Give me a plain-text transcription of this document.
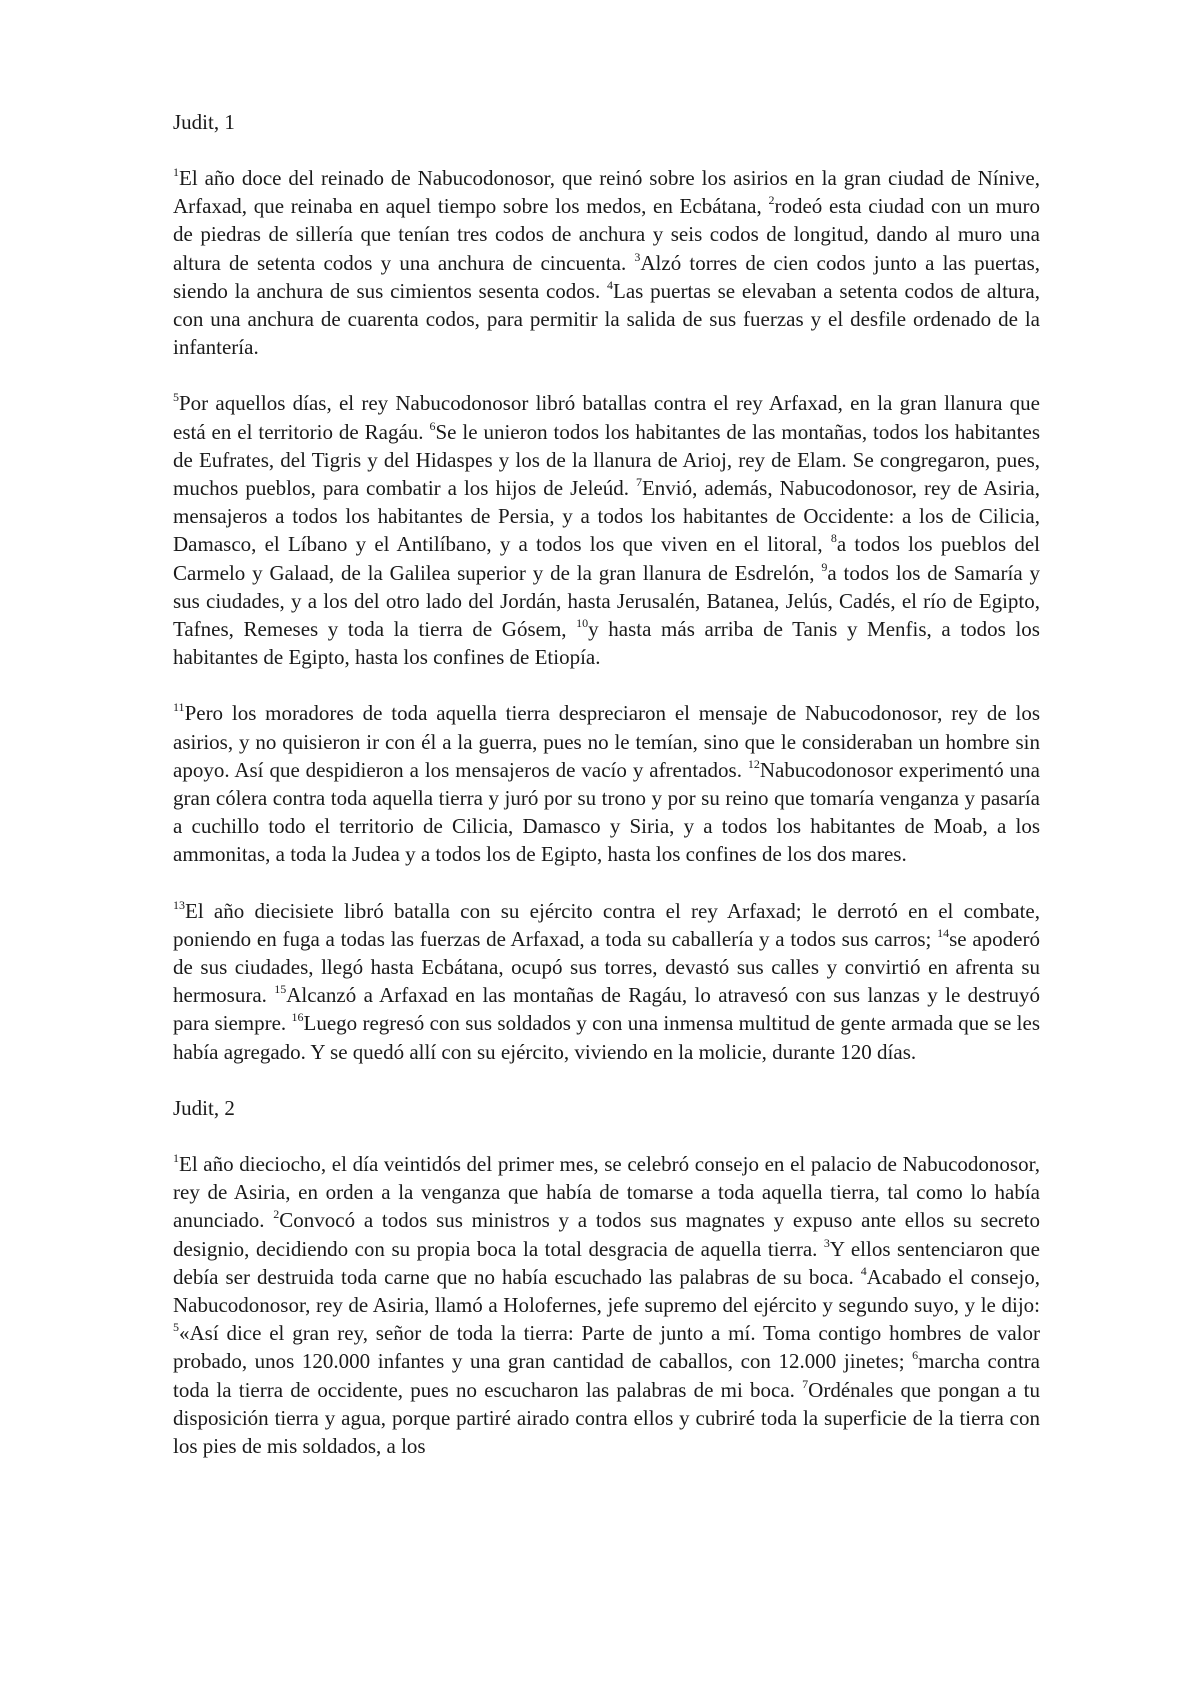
Judit, 1

$^1$El año doce del reinado de Nabucodonosor, que reinó sobre los asirios en la gran ciudad de Nínive, Arfaxad, que reinaba en aquel tiempo sobre los medos, en Ecbátana, $^2$rodeó esta ciudad con un muro de piedras de sillería que tenían tres codos de anchura y seis codos de longitud, dando al muro una altura de setenta codos y una anchura de cincuenta. $^3$Alzó torres de cien codos junto a las puertas, siendo la anchura de sus cimientos sesenta codos. $^4$Las puertas se elevaban a setenta codos de altura, con una anchura de cuarenta codos, para permitir la salida de sus fuerzas y el desfile ordenado de la infantería.

$^5$Por aquellos días, el rey Nabucodonosor libró batallas contra el rey Arfaxad, en la gran llanura que está en el territorio de Ragáu. $^6$Se le unieron todos los habitantes de las montañas, todos los habitantes de Eufrates, del Tigris y del Hidaspes y los de la llanura de Arioj, rey de Elam. Se congregaron, pues, muchos pueblos, para combatir a los hijos de Jeleúd. $^7$Envió, además, Nabucodonosor, rey de Asiria, mensajeros a todos los habitantes de Persia, y a todos los habitantes de Occidente: a los de Cilicia, Damasco, el Líbano y el Antilíbano, y a todos los que viven en el litoral, $^8$a todos los pueblos del Carmelo y Galaad, de la Galilea superior y de la gran llanura de Esdrelón, $^9$a todos los de Samaría y sus ciudades, y a los del otro lado del Jordán, hasta Jerusalén, Batanea, Jelús, Cadés, el río de Egipto, Tafnes, Remeses y toda la tierra de Gósem, $^{10}$y hasta más arriba de Tanis y Menfis, a todos los habitantes de Egipto, hasta los confines de Etiopía.

$^{11}$Pero los moradores de toda aquella tierra despreciaron el mensaje de Nabucodonosor, rey de los asirios, y no quisieron ir con él a la guerra, pues no le temían, sino que le consideraban un hombre sin apoyo. Así que despidieron a los mensajeros de vacío y afrentados. $^{12}$Nabucodonosor experimentó una gran cólera contra toda aquella tierra y juró por su trono y por su reino que tomaría venganza y pasaría a cuchillo todo el territorio de Cilicia, Damasco y Siria, y a todos los habitantes de Moab, a los ammonitas, a toda la Judea y a todos los de Egipto, hasta los confines de los dos mares.

$^{13}$El año diecisiete libró batalla con su ejército contra el rey Arfaxad; le derrotó en el combate, poniendo en fuga a todas las fuerzas de Arfaxad, a toda su caballería y a todos sus carros; $^{14}$se apoderó de sus ciudades, llegó hasta Ecbátana, ocupó sus torres, devastó sus calles y convirtió en afrenta su hermosura. $^{15}$Alcanzó a Arfaxad en las montañas de Ragáu, lo atravesó con sus lanzas y le destruyó para siempre. $^{16}$Luego regresó con sus soldados y con una inmensa multitud de gente armada que se les había agregado. Y se quedó allí con su ejército, viviendo en la molicie, durante 120 días.

Judit, 2

$^1$El año dieciocho, el día veintidós del primer mes, se celebró consejo en el palacio de Nabucodonosor, rey de Asiria, en orden a la venganza que había de tomarse a toda aquella tierra, tal como lo había anunciado. $^2$Convocó a todos sus ministros y a todos sus magnates y expuso ante ellos su secreto designio, decidiendo con su propia boca la total desgracia de aquella tierra. $^3$Y ellos sentenciaron que debía ser destruida toda carne que no había escuchado las palabras de su boca. $^4$Acabado el consejo, Nabucodonosor, rey de Asiria, llamó a Holofernes, jefe supremo del ejército y segundo suyo, y le dijo: $^5$«Así dice el gran rey, señor de toda la tierra: Parte de junto a mí. Toma contigo hombres de valor probado, unos 120.000 infantes y una gran cantidad de caballos, con 12.000 jinetes; $^6$marcha contra toda la tierra de occidente, pues no escucharon las palabras de mi boca. $^7$Ordénales que pongan a tu disposición tierra y agua, porque partiré airado contra ellos y cubriré toda la superficie de la tierra con los pies de mis soldados, a los
